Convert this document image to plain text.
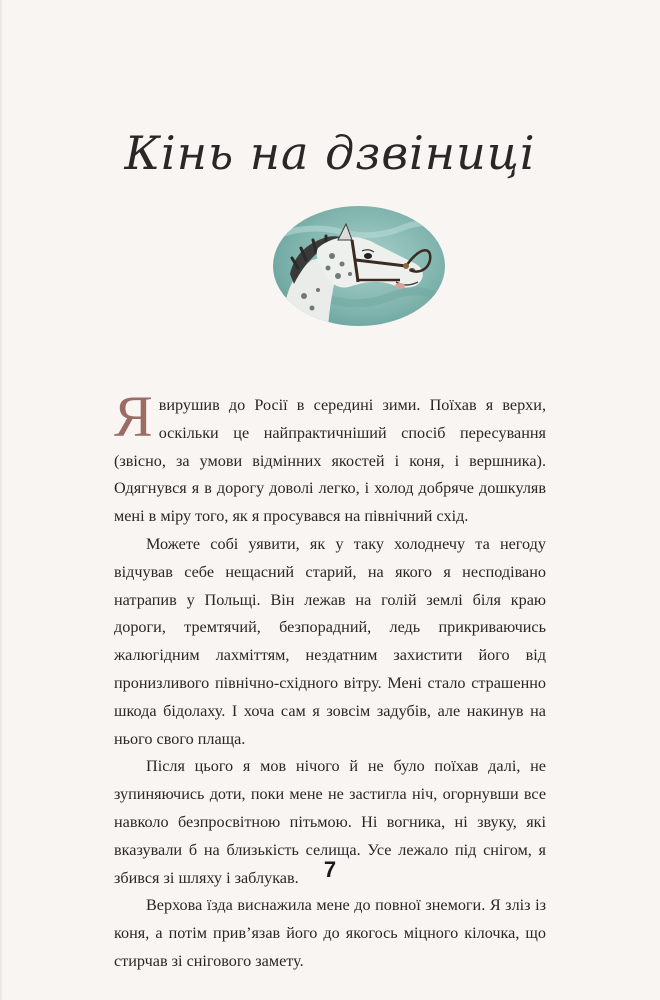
Кінь на дзвіниці

Явирушив до Росії в середині зими. Поїхав я верхи, оскільки це найпрактичніший спосіб пересування (звісно, за умови відмінних якостей і коня, і вершника). Одягнувся я в дорогу доволі легко, і холод добряче дошкуляв мені в міру того, як я просувався на північний схід.

Можете собі уявити, як у таку холоднечу та негоду відчував себе нещасний старий, на якого я несподівано натрапив у Польщі. Він лежав на голій землі біля краю дороги, тремтячий, безпорадний, ледь прикриваючись жалюгідним лахміттям, нездатним захистити його від пронизливого північно-східного вітру. Мені стало страшенно шкода бідолаху. І хоча сам я зовсім задубів, але накинув на нього свого плаща.

Після цього я мов нічого й не було поїхав далі, не зупиняючись доти, поки мене не застигла ніч, огорнувши все навколо безпросвітною пітьмою. Ні вогника, ні звуку, які вказували б на близькість селища. Усе лежало під снігом, я збився зі шляху і заблукав.

Верхова їзда виснажила мене до повної знемоги. Я зліз із коня, а потім прив’язав його до якогось міцного кілочка, що стирчав зі снігового замету.

7
